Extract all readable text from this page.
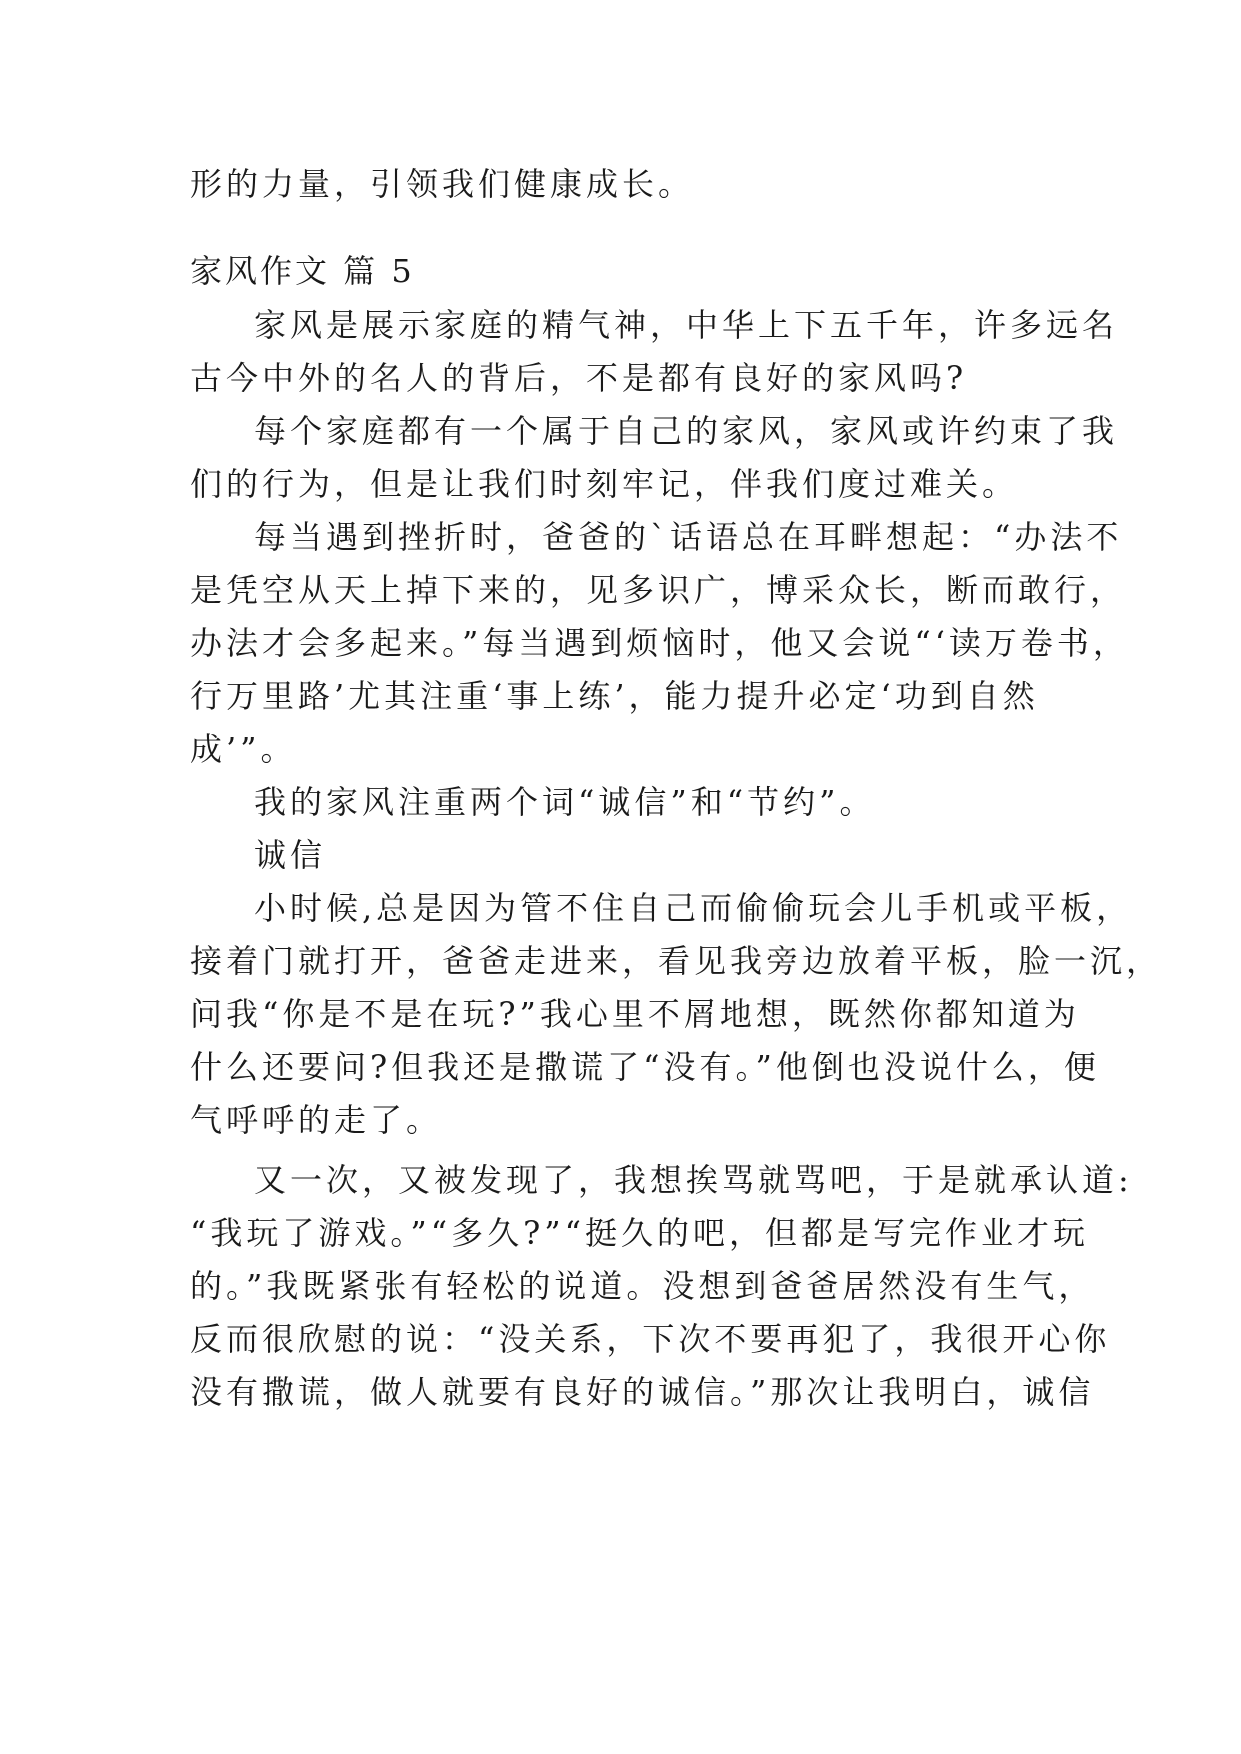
形的力量，引领我们健康成长。

家风作文 篇 5

家风是展示家庭的精气神，中华上下五千年，许多远名

古今中外的名人的背后，不是都有良好的家风吗?

每个家庭都有一个属于自己的家风，家风或许约束了我

们的行为，但是让我们时刻牢记，伴我们度过难关。

每当遇到挫折时，爸爸的`话语总在耳畔想起：“办法不

是凭空从天上掉下来的，见多识广，博采众长，断而敢行，

办法才会多起来。”每当遇到烦恼时，他又会说“‘读万卷书，

行万里路’尤其注重‘事上练’，能力提升必定‘功到自然

成’”。

我的家风注重两个词“诚信”和“节约”。

诚信

小时候,总是因为管不住自己而偷偷玩会儿手机或平板，

接着门就打开，爸爸走进来，看见我旁边放着平板，脸一沉，

问我“你是不是在玩?”我心里不屑地想，既然你都知道为

什么还要问?但我还是撒谎了“没有。”他倒也没说什么，便

气呼呼的走了。

又一次，又被发现了，我想挨骂就骂吧，于是就承认道:

“我玩了游戏。”“多久?”“挺久的吧，但都是写完作业才玩

的。”我既紧张有轻松的说道。没想到爸爸居然没有生气，

反而很欣慰的说：“没关系，下次不要再犯了，我很开心你

没有撒谎，做人就要有良好的诚信。”那次让我明白，诚信
